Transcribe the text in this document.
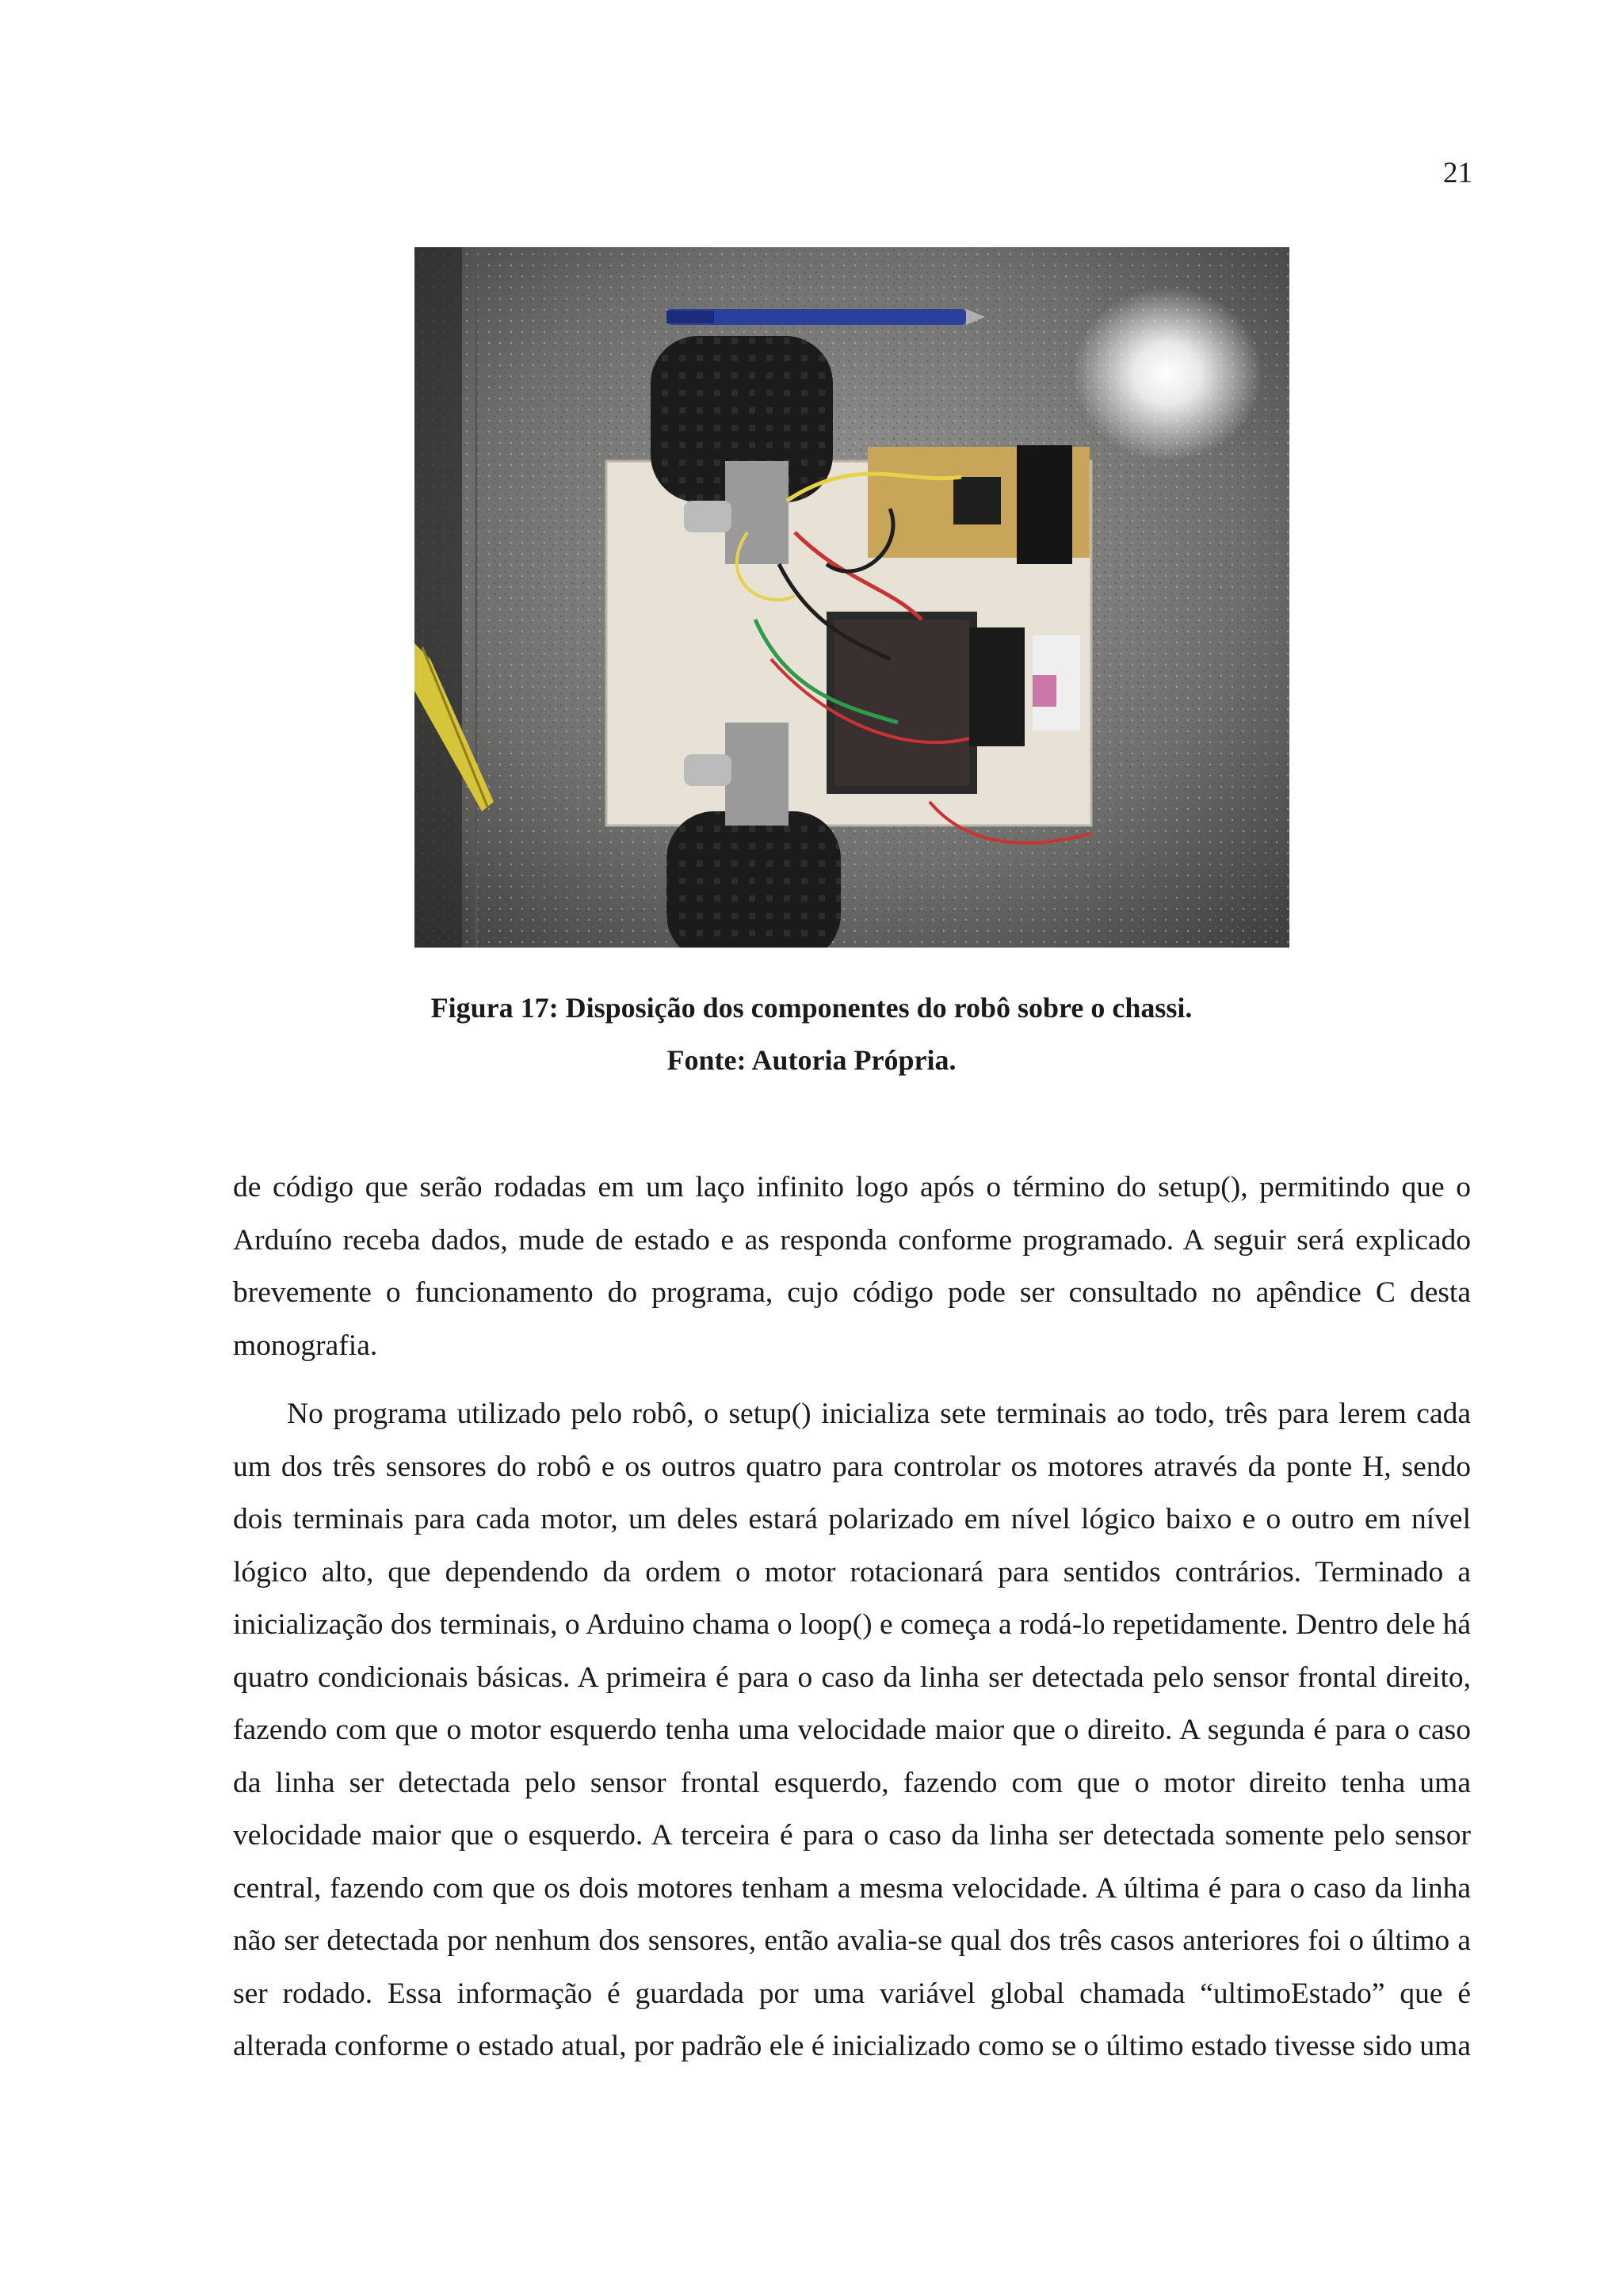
21
Figura 17: Disposição dos componentes do robô sobre o chassi.
Fonte: Autoria Própria.

de código que serão rodadas em um laço infinito logo após o término do setup(), permitindo que o Arduíno receba dados, mude de estado e as responda conforme programado. A seguir será explicado brevemente o funcionamento do programa, cujo código pode ser consultado no apêndice C desta monografia.

No programa utilizado pelo robô, o setup() inicializa sete terminais ao todo, três para lerem cada um dos três sensores do robô e os outros quatro para controlar os motores através da ponte H, sendo dois terminais para cada motor, um deles estará polarizado em nível lógico baixo e o outro em nível lógico alto, que dependendo da ordem o motor rotacionará para sentidos contrários. Terminado a inicialização dos terminais, o Arduino chama o loop() e começa a rodá-lo repetidamente. Dentro dele há quatro condicionais básicas. A primeira é para o caso da linha ser detectada pelo sensor frontal direito, fazendo com que o motor esquerdo tenha uma velocidade maior que o direito. A segunda é para o caso da linha ser detectada pelo sensor frontal esquerdo, fazendo com que o motor direito tenha uma velocidade maior que o esquerdo. A terceira é para o caso da linha ser detectada somente pelo sensor central, fazendo com que os dois motores tenham a mesma velocidade. A última é para o caso da linha não ser detectada por nenhum dos sensores, então avalia-se qual dos três casos anteriores foi o último a ser rodado. Essa informação é guardada por uma variável global chamada “ultimoEstado” que é alterada conforme o estado atual, por padrão ele é inicializado como se o último estado tivesse sido uma
